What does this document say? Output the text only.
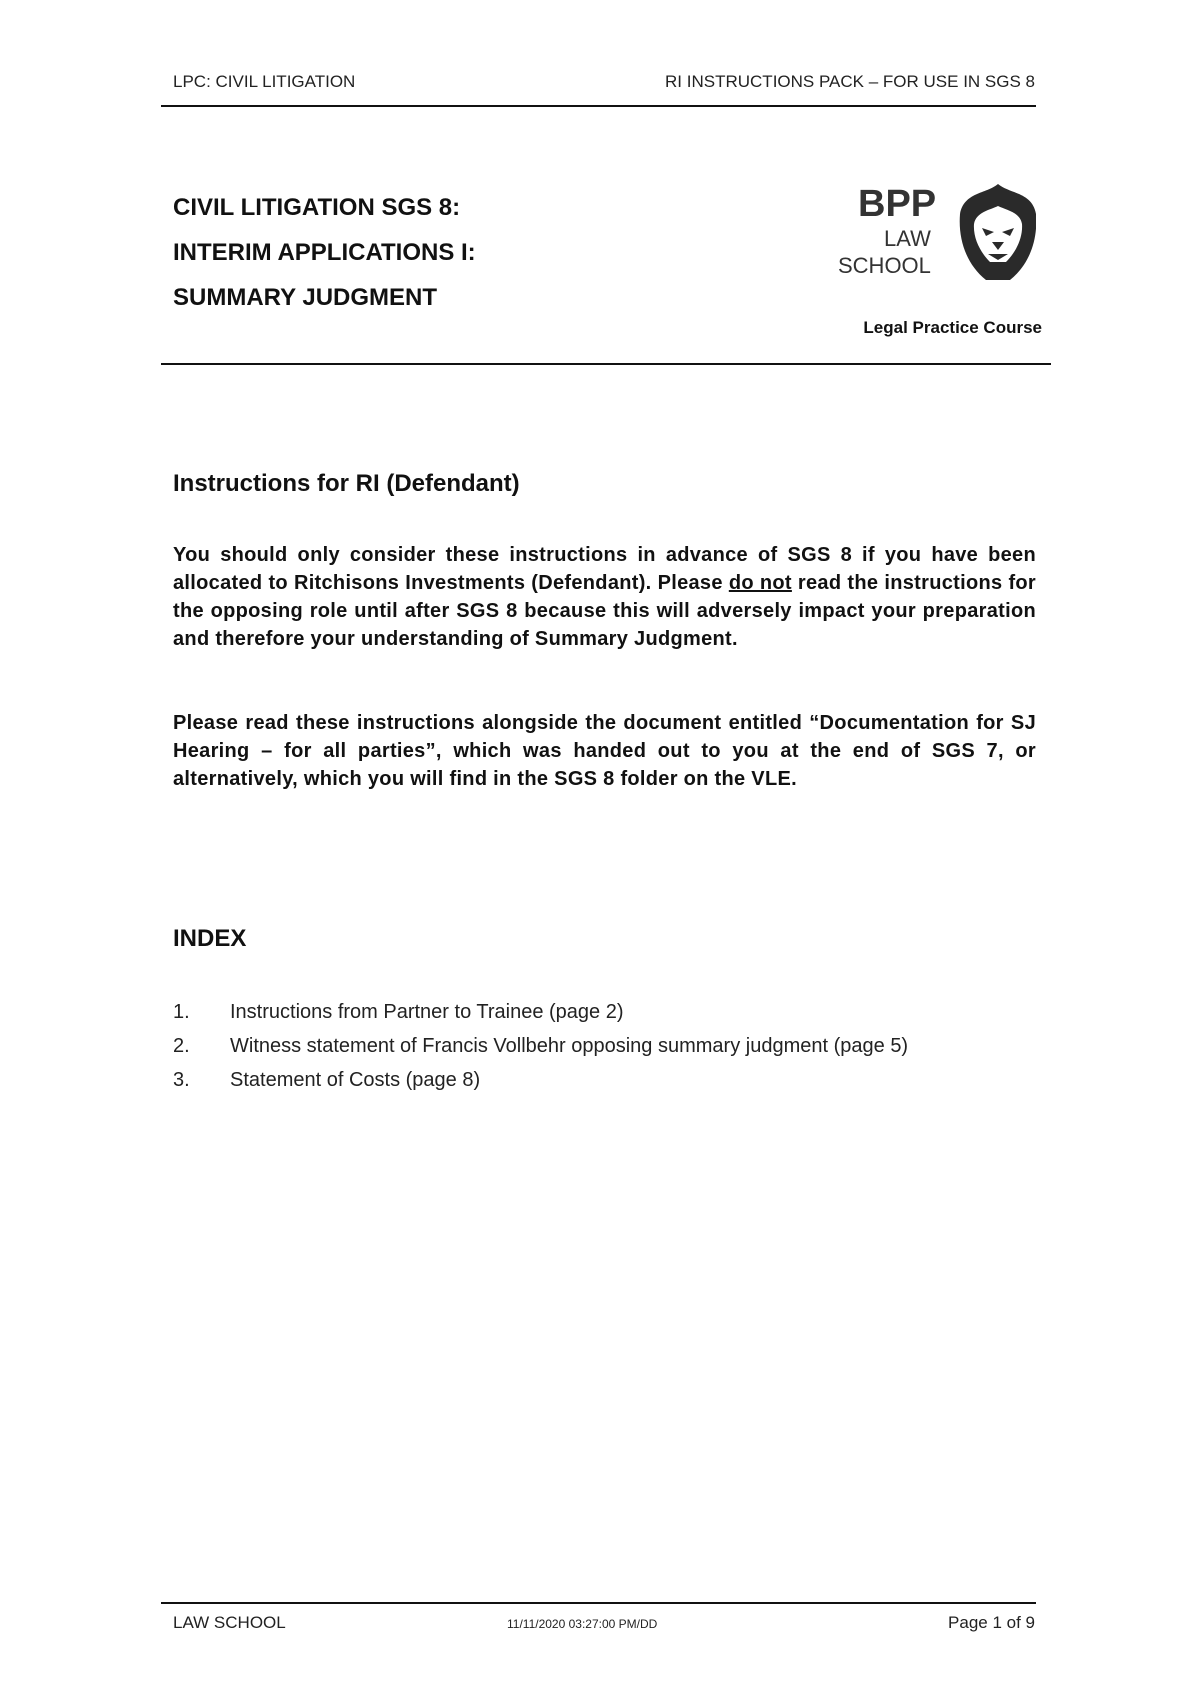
LPC: CIVIL LITIGATION	RI INSTRUCTIONS PACK – FOR USE IN SGS 8
CIVIL LITIGATION SGS 8:
INTERIM APPLICATIONS I:
SUMMARY JUDGMENT
BPP
LAW
SCHOOL
Legal Practice Course
Instructions for RI (Defendant)
You should only consider these instructions in advance of SGS 8 if you have been allocated to Ritchisons Investments (Defendant). Please do not read the instructions for the opposing role until after SGS 8 because this will adversely impact your preparation and therefore your understanding of Summary Judgment.
Please read these instructions alongside the document entitled “Documentation for SJ Hearing – for all parties”, which was handed out to you at the end of SGS 7, or alternatively, which you will find in the SGS 8 folder on the VLE.
INDEX
1.	Instructions from Partner to Trainee (page 2)
2.	Witness statement of Francis Vollbehr opposing summary judgment (page 5)
3.	Statement of Costs (page 8)
LAW SCHOOL	11/11/2020 03:27:00 PM/DD	Page 1 of 9
